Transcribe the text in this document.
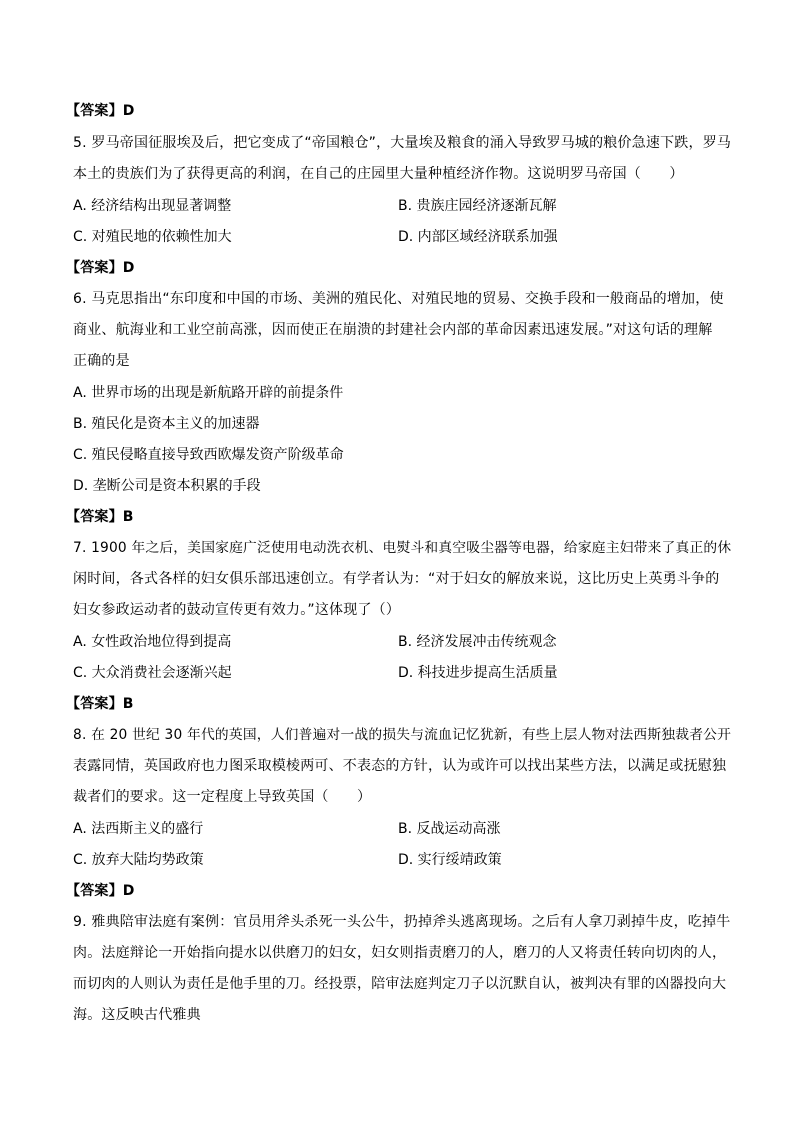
【答案】D
5. 罗马帝国征服埃及后，把它变成了“帝国粮仓”，大量埃及粮食的涌入导致罗马城的粮价急速下跌，罗马
本土的贵族们为了获得更高的利润，在自己的庄园里大量种植经济作物。这说明罗马帝国（　　）
A. 经济结构出现显著调整	B. 贵族庄园经济逐渐瓦解
C. 对殖民地的依赖性加大	D. 内部区域经济联系加强
【答案】D
6. 马克思指出“东印度和中国的市场、美洲的殖民化、对殖民地的贸易、交换手段和一般商品的增加，使
商业、航海业和工业空前高涨，因而使正在崩溃的封建社会内部的革命因素迅速发展。”对这句话的理解
正确的是
A. 世界市场的出现是新航路开辟的前提条件
B. 殖民化是资本主义的加速器
C. 殖民侵略直接导致西欧爆发资产阶级革命
D. 垄断公司是资本积累的手段
【答案】B
7. 1900 年之后，美国家庭广泛使用电动洗衣机、电熨斗和真空吸尘器等电器，给家庭主妇带来了真正的休
闲时间，各式各样的妇女俱乐部迅速创立。有学者认为：“对于妇女的解放来说，这比历史上英勇斗争的
妇女参政运动者的鼓动宣传更有效力。”这体现了（）
A. 女性政治地位得到提高	B. 经济发展冲击传统观念
C. 大众消费社会逐渐兴起	D. 科技进步提高生活质量
【答案】B
8. 在 20 世纪 30 年代的英国，人们普遍对一战的损失与流血记忆犹新，有些上层人物对法西斯独裁者公开
表露同情，英国政府也力图采取模棱两可、不表态的方针，认为或许可以找出某些方法，以满足或抚慰独
裁者们的要求。这一定程度上导致英国（　　）
A. 法西斯主义的盛行	B. 反战运动高涨
C. 放弃大陆均势政策	D. 实行绥靖政策
【答案】D
9. 雅典陪审法庭有案例：官员用斧头杀死一头公牛，扔掉斧头逃离现场。之后有人拿刀剥掉牛皮，吃掉牛
肉。法庭辩论一开始指向提水以供磨刀的妇女，妇女则指责磨刀的人，磨刀的人又将责任转向切肉的人，
而切肉的人则认为责任是他手里的刀。经投票，陪审法庭判定刀子以沉默自认，被判决有罪的凶器投向大
海。这反映古代雅典
